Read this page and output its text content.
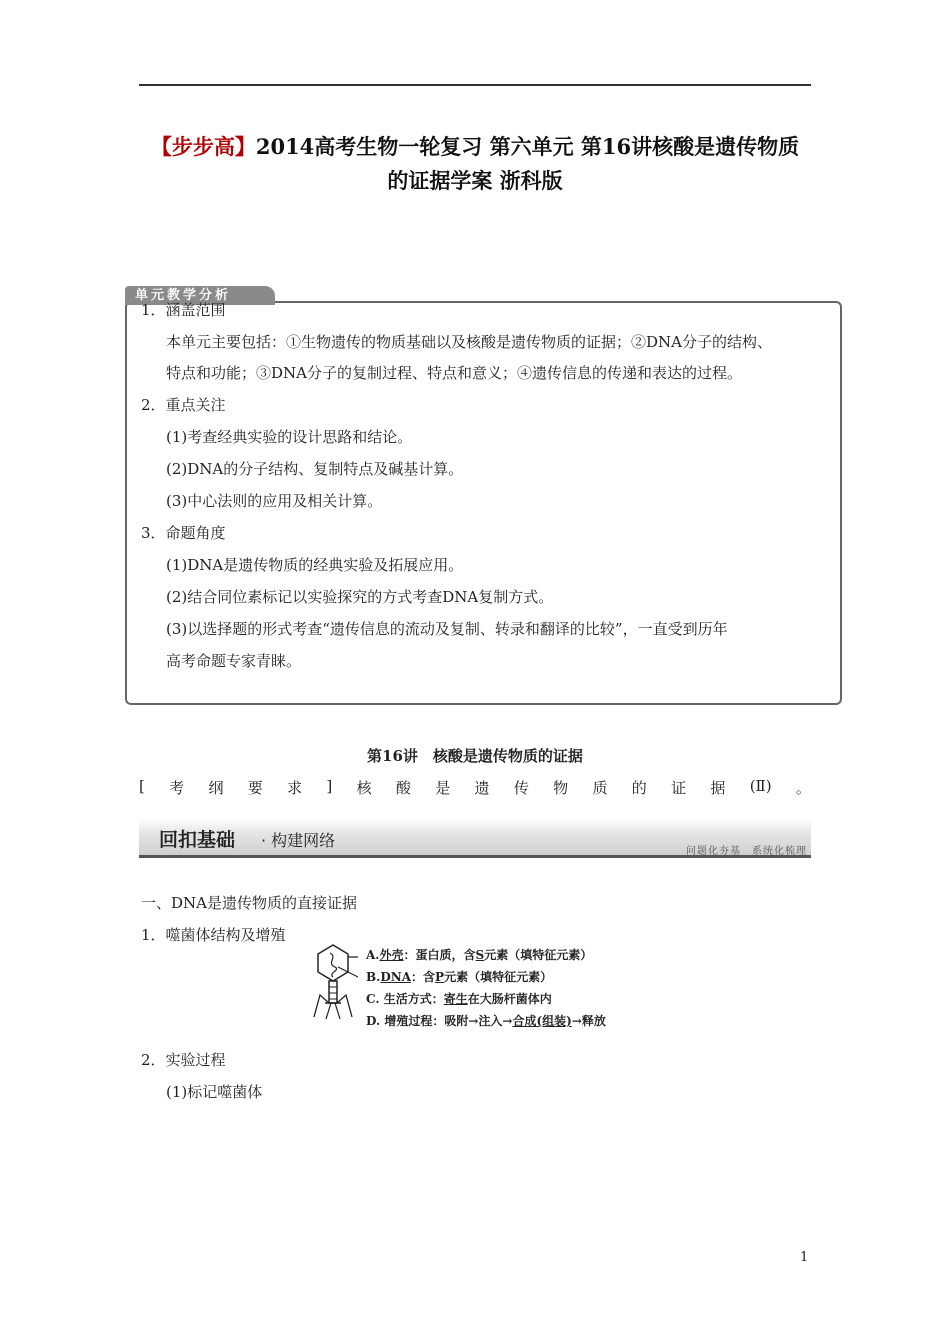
【步步高】2014高考生物一轮复习 第六单元 第16讲核酸是遗传物质
的证据学案 浙科版
单元教学分析
1．涵盖范围
本单元主要包括：①生物遗传的物质基础以及核酸是遗传物质的证据；②DNA分子的结构、
特点和功能；③DNA分子的复制过程、特点和意义；④遗传信息的传递和表达的过程。
2．重点关注
(1)考查经典实验的设计思路和结论。
(2)DNA的分子结构、复制特点及碱基计算。
(3)中心法则的应用及相关计算。
3．命题角度
(1)DNA是遗传物质的经典实验及拓展应用。
(2)结合同位素标记以实验探究的方式考查DNA复制方式。
(3)以选择题的形式考查“遗传信息的流动及复制、转录和翻译的比较”，一直受到历年
高考命题专家青睐。
第16讲　核酸是遗传物质的证据
[ 考 纲 要 求 ] 核 酸 是 遗 传 物 质 的 证 据 (Ⅱ) 。
回扣基础 · 构建网络
问题化夯基　系统化梳理
一、DNA是遗传物质的直接证据
1．噬菌体结构及增殖
A.外壳：蛋白质，含S元素（填特征元素）
B.DNA：含P元素（填特征元素）
C. 生活方式：寄生在大肠杆菌体内
D. 增殖过程：吸附→注入→合成(组装)→释放
2．实验过程
(1)标记噬菌体
1
